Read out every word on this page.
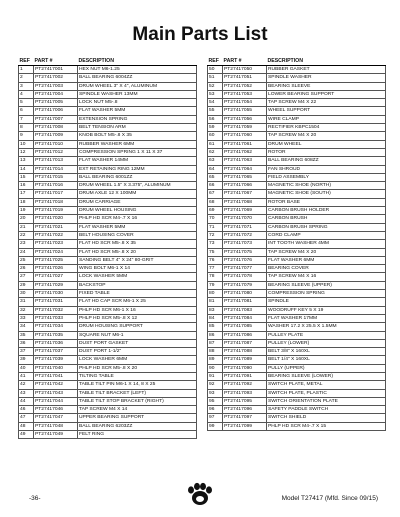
Main Parts List
REF	PART #	DESCRIPTION
1	PT27417001	HEX NUT M6-1.25
2	PT27417002	BALL BEARING 6004ZZ
3	PT27417003	DRUM WHEEL 3" X 4", ALUMINUM
4	PT27417004	SPINDLE WASHER 13MM
5	PT27417005	LOCK NUT M5-.8
6	PT27417006	FLAT WASHER 5MM
7	PT27417007	EXTENSION SPRING
8	PT27417008	BELT TENSION ARM
9	PT27417009	KNOB BOLT M5-.8 X 35
10	PT27417010	RUBBER WASHER 6MM
12	PT27417012	COMPRESSION SPRING 1 X 11 X 37
13	PT27417013	FLAT WASHER 14MM
14	PT27417014	EXT RETAINING RING 12MM
15	PT27417015	BALL BEARING 6001ZZ
16	PT27417016	DRUM WHEEL 1.5" X 3.375", ALUMINUM
17	PT27417017	DRUM AXLE 12 X 100MM
18	PT27417018	DRUM CARRIAGE
19	PT27417019	DRUM WHEEL HOUSING
20	PT27417020	PHLP HD SCR M4-.7 X 16
21	PT27417021	FLAT WASHER 5MM
22	PT27417022	BELT HOUSING COVER
23	PT27417023	FLAT HD SCR M5-.8 X 35
24	PT27417024	FLAT HD SCR M5-.8 X 20
25	PT27417025	SANDING BELT 4" X 24" 80-GRIT
26	PT27417026	WING BOLT M6-1 X 14
27	PT27417027	LOCK WASHER 5MM
29	PT27417029	BACKSTOP
30	PT27417030	FIXED TABLE
31	PT27417031	FLAT HD CAP SCR M6-1 X 25
32	PT27417032	PHLP HD SCR M6-1 X 16
33	PT27417033	PHLP HD SCR M5-.8 X 12
34	PT27417034	DRUM HOUSING SUPPORT
35	PT27417035	SQUARE NUT M6-1
36	PT27417036	DUST PORT GASKET
37	PT27417037	DUST PORT 1-1/2"
39	PT27417039	LOCK WASHER 6MM
40	PT27417040	PHLP HD SCR M5-.8 X 20
41	PT27417041	TILTING TABLE
42	PT27417042	TABLE TILT PIN M6-1 X 14, 8 X 25
43	PT27417043	TABLE TILT BRACKET (LEFT)
44	PT27417044	TABLE TILT STOP BRACKET (RIGHT)
46	PT27417046	TAP SCREW M4 X 14
47	PT27417047	UPPER BEARING SUPPORT
48	PT27417048	BALL BEARING 6203ZZ
49	PT27417049	FELT RING
REF	PART #	DESCRIPTION
50	PT27417050	RUBBER GASKET
51	PT27417051	SPINDLE WASHER
52	PT27417052	BEARING SLEEVE
53	PT27417053	LOWER BEARING SUPPORT
54	PT27417054	TAP SCREW M4 X 22
55	PT27417055	WHEEL SUPPORT
56	PT27417056	WIRE CLAMP
59	PT27417059	RECTIFIER KBPC1504
60	PT27417060	TAP SCREW M4 X 20
61	PT27417061	DRUM WHEEL
62	PT27417062	ROTOR
63	PT27417063	BALL BEARING 608ZZ
64	PT27417064	FAN SHROUD
65	PT27417065	FIELD ASSEMBLY
66	PT27417066	MAGNETIC SHOE (NORTH)
67	PT27417067	MAGNETIC SHOE (SOUTH)
68	PT27417068	ROTOR BASE
69	PT27417069	CARBON BRUSH HOLDER
70	PT27417070	CARBON BRUSH
71	PT27417071	CARBON BRUSH SPRING
72	PT27417072	CORD CLAMP
73	PT27417073	INT TOOTH WASHER 4MM
75	PT27417075	TAP SCREW M4 X 20
76	PT27417076	FLAT WASHER 6MM
77	PT27417077	BEARING COVER
78	PT27417078	TAP SCREW M4 X 16
79	PT27417079	BEARING SLEEVE (UPPER)
80	PT27417080	COMPRESSION SPRING
81	PT27417081	SPINDLE
83	PT27417083	WOODRUFF KEY 5 X 19
84	PT27417084	FLAT WASHER 17MM
85	PT27417085	WASHER 17.2 X 25.5 X 1.5MM
86	PT27417086	PULLEY PLATE
87	PT27417087	PULLEY (LOWER)
88	PT27417088	BELT 3/8" X 160XL
89	PT27417089	BELT 1/4" X 160XL
90	PT27417090	PULLY (UPPER)
91	PT27417091	BEARING SLEEVE (LOWER)
92	PT27417092	SWITCH PLATE, METAL
93	PT27417093	SWITCH PLATE, PLASTIC
95	PT27417095	SWITCH ORIENTATION PLATE
96	PT27417096	SAFETY PADDLE SWITCH
97	PT27417097	SWITCH SHIELD
99	PT27417099	PHLP HD SCR M4-.7 X 15
-36-	Model T27417 (Mfd. Since 09/15)
